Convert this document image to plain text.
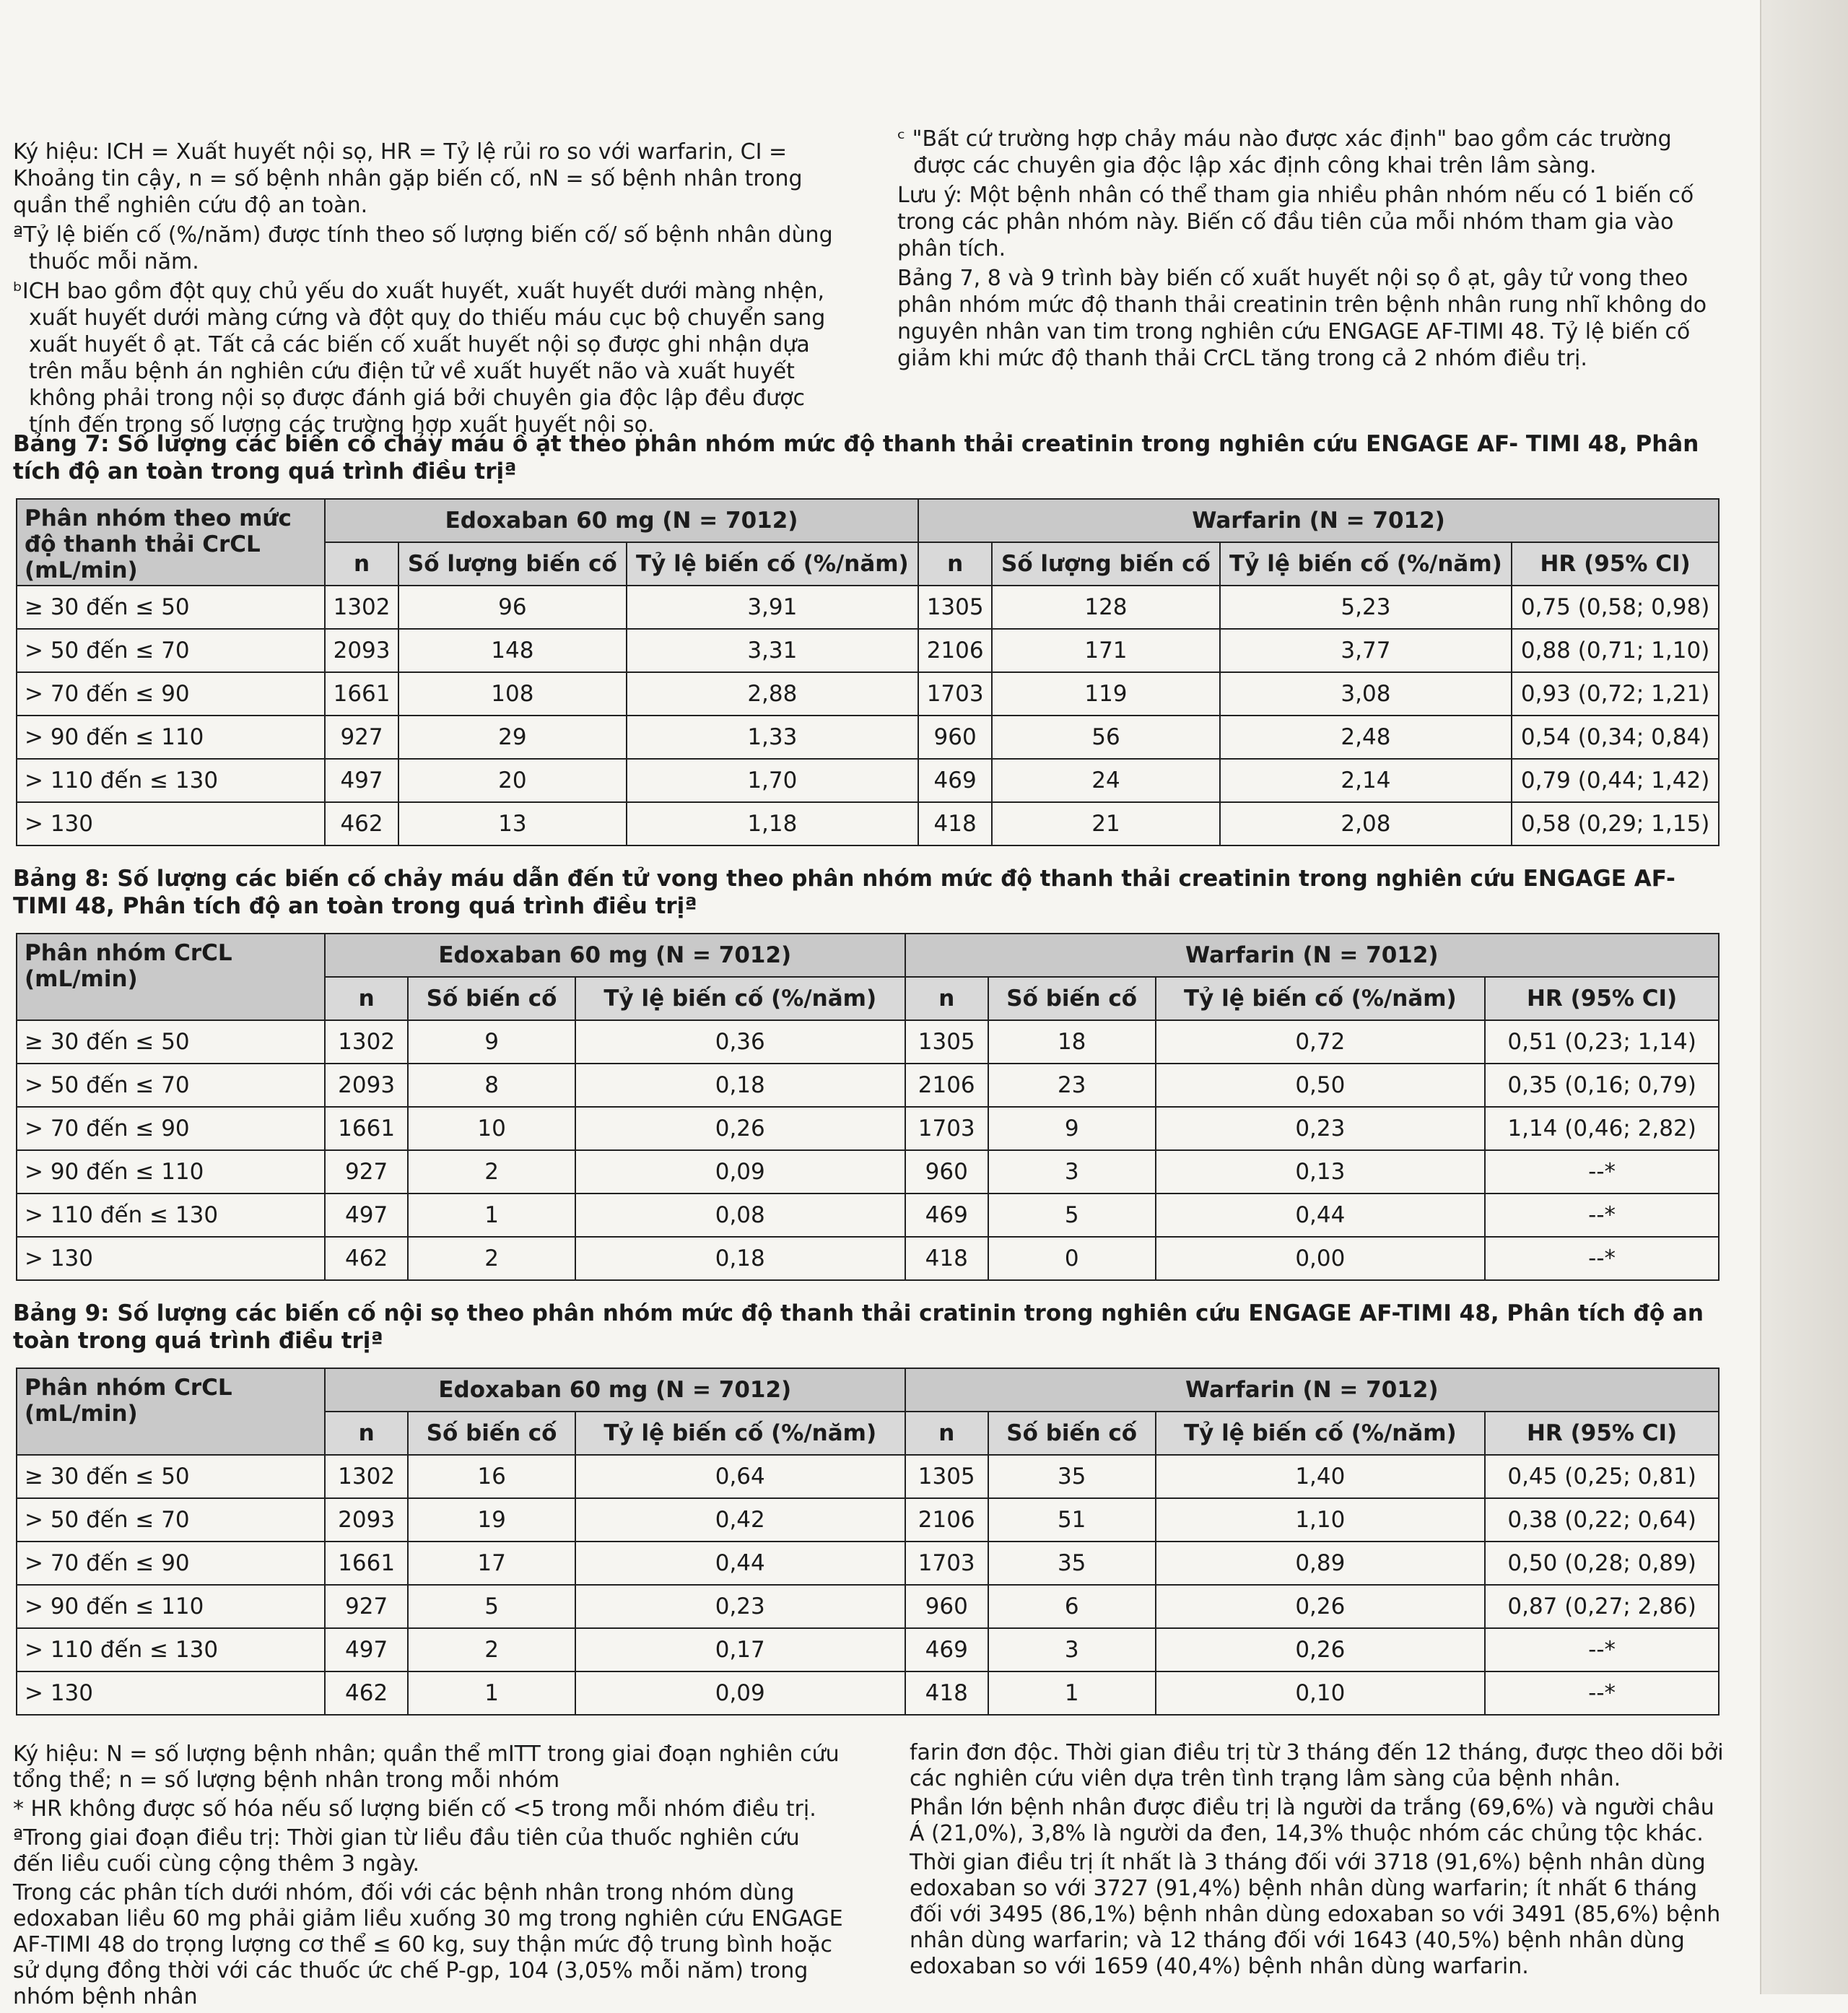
Ký hiệu: ICH = Xuất huyết nội sọ, HR = Tỷ lệ rủi ro so với warfarin, CI = Khoảng tin cậy, n = số bệnh nhân gặp biến cố, nN = số bệnh nhân trong quần thể nghiên cứu độ an toàn.

ªTỷ lệ biến cố (%/năm) được tính theo số lượng biến cố/ số bệnh nhân dùng thuốc mỗi năm.

ᵇICH bao gồm đột quỵ chủ yếu do xuất huyết, xuất huyết dưới màng nhện, xuất huyết dưới màng cứng và đột quỵ do thiếu máu cục bộ chuyển sang xuất huyết ồ ạt. Tất cả các biến cố xuất huyết nội sọ được ghi nhận dựa trên mẫu bệnh án nghiên cứu điện tử về xuất huyết não và xuất huyết không phải trong nội sọ được đánh giá bởi chuyên gia độc lập đều được tính đến trong số lượng các trường hợp xuất huyết nội sọ.

ᶜ "Bất cứ trường hợp chảy máu nào được xác định" bao gồm các trường được các chuyên gia độc lập xác định công khai trên lâm sàng.

Lưu ý: Một bệnh nhân có thể tham gia nhiều phân nhóm nếu có 1 biến cố trong các phân nhóm này. Biến cố đầu tiên của mỗi nhóm tham gia vào phân tích.

Bảng 7, 8 và 9 trình bày biến cố xuất huyết nội sọ ồ ạt, gây tử vong theo phân nhóm mức độ thanh thải creatinin trên bệnh nhân rung nhĩ không do nguyên nhân van tim trong nghiên cứu ENGAGE AF-TIMI 48. Tỷ lệ biến cố giảm khi mức độ thanh thải CrCL tăng trong cả 2 nhóm điều trị.

Bảng 7: Số lượng các biến cố chảy máu ồ ạt theo phân nhóm mức độ thanh thải creatinin trong nghiên cứu ENGAGE AF- TIMI 48, Phân tích độ an toàn trong quá trình điều trịª
Phân nhóm theo mức độ thanh thải CrCL (mL/min)	Edoxaban 60 mg (N = 7012)			Warfarin (N = 7012)			
	n	Số lượng biến cố	Tỷ lệ biến cố (%/năm)	n	Số lượng biến cố	Tỷ lệ biến cố (%/năm)	HR (95% CI)
≥ 30 đến ≤ 50	1302	96	3,91	1305	128	5,23	0,75 (0,58; 0,98)
> 50 đến ≤ 70	2093	148	3,31	2106	171	3,77	0,88 (0,71; 1,10)
> 70 đến ≤ 90	1661	108	2,88	1703	119	3,08	0,93 (0,72; 1,21)
> 90 đến ≤ 110	927	29	1,33	960	56	2,48	0,54 (0,34; 0,84)
> 110 đến ≤ 130	497	20	1,70	469	24	2,14	0,79 (0,44; 1,42)
> 130	462	13	1,18	418	21	2,08	0,58 (0,29; 1,15)
Bảng 8: Số lượng các biến cố chảy máu dẫn đến tử vong theo phân nhóm mức độ thanh thải creatinin trong nghiên cứu ENGAGE AF- TIMI 48, Phân tích độ an toàn trong quá trình điều trịª
Phân nhóm CrCL (mL/min)	Edoxaban 60 mg (N = 7012)			Warfarin (N = 7012)			
	n	Số biến cố	Tỷ lệ biến cố (%/năm)	n	Số biến cố	Tỷ lệ biến cố (%/năm)	HR (95% CI)
≥ 30 đến ≤ 50	1302	9	0,36	1305	18	0,72	0,51 (0,23; 1,14)
> 50 đến ≤ 70	2093	8	0,18	2106	23	0,50	0,35 (0,16; 0,79)
> 70 đến ≤ 90	1661	10	0,26	1703	9	0,23	1,14 (0,46; 2,82)
> 90 đến ≤ 110	927	2	0,09	960	3	0,13	--*
> 110 đến ≤ 130	497	1	0,08	469	5	0,44	--*
> 130	462	2	0,18	418	0	0,00	--*
Bảng 9: Số lượng các biến cố nội sọ theo phân nhóm mức độ thanh thải cratinin trong nghiên cứu ENGAGE AF-TIMI 48, Phân tích độ an toàn trong quá trình điều trịª
Phân nhóm CrCL (mL/min)	Edoxaban 60 mg (N = 7012)			Warfarin (N = 7012)			
	n	Số biến cố	Tỷ lệ biến cố (%/năm)	n	Số biến cố	Tỷ lệ biến cố (%/năm)	HR (95% CI)
≥ 30 đến ≤ 50	1302	16	0,64	1305	35	1,40	0,45 (0,25; 0,81)
> 50 đến ≤ 70	2093	19	0,42	2106	51	1,10	0,38 (0,22; 0,64)
> 70 đến ≤ 90	1661	17	0,44	1703	35	0,89	0,50 (0,28; 0,89)
> 90 đến ≤ 110	927	5	0,23	960	6	0,26	0,87 (0,27; 2,86)
> 110 đến ≤ 130	497	2	0,17	469	3	0,26	--*
> 130	462	1	0,09	418	1	0,10	--*

Ký hiệu: N = số lượng bệnh nhân; quần thể mITT trong giai đoạn nghiên cứu tổng thể; n = số lượng bệnh nhân trong mỗi nhóm

* HR không được số hóa nếu số lượng biến cố <5 trong mỗi nhóm điều trị.

ªTrong giai đoạn điều trị: Thời gian từ liều đầu tiên của thuốc nghiên cứu đến liều cuối cùng cộng thêm 3 ngày.

Trong các phân tích dưới nhóm, đối với các bệnh nhân trong nhóm dùng edoxaban liều 60 mg phải giảm liều xuống 30 mg trong nghiên cứu ENGAGE AF-TIMI 48 do trọng lượng cơ thể ≤ 60 kg, suy thận mức độ trung bình hoặc sử dụng đồng thời với các thuốc ức chế P-gp, 104 (3,05% mỗi năm) trong nhóm bệnh nhân

farin đơn độc. Thời gian điều trị từ 3 tháng đến 12 tháng, được theo dõi bởi các nghiên cứu viên dựa trên tình trạng lâm sàng của bệnh nhân.

Phần lớn bệnh nhân được điều trị là người da trắng (69,6%) và người châu Á (21,0%), 3,8% là người da đen, 14,3% thuộc nhóm các chủng tộc khác.

Thời gian điều trị ít nhất là 3 tháng đối với 3718 (91,6%) bệnh nhân dùng edoxaban so với 3727 (91,4%) bệnh nhân dùng warfarin; ít nhất 6 tháng đối với 3495 (86,1%) bệnh nhân dùng edoxaban so với 3491 (85,6%) bệnh nhân dùng warfarin; và 12 tháng đối với 1643 (40,5%) bệnh nhân dùng edoxaban so với 1659 (40,4%) bệnh nhân dùng warfarin.
